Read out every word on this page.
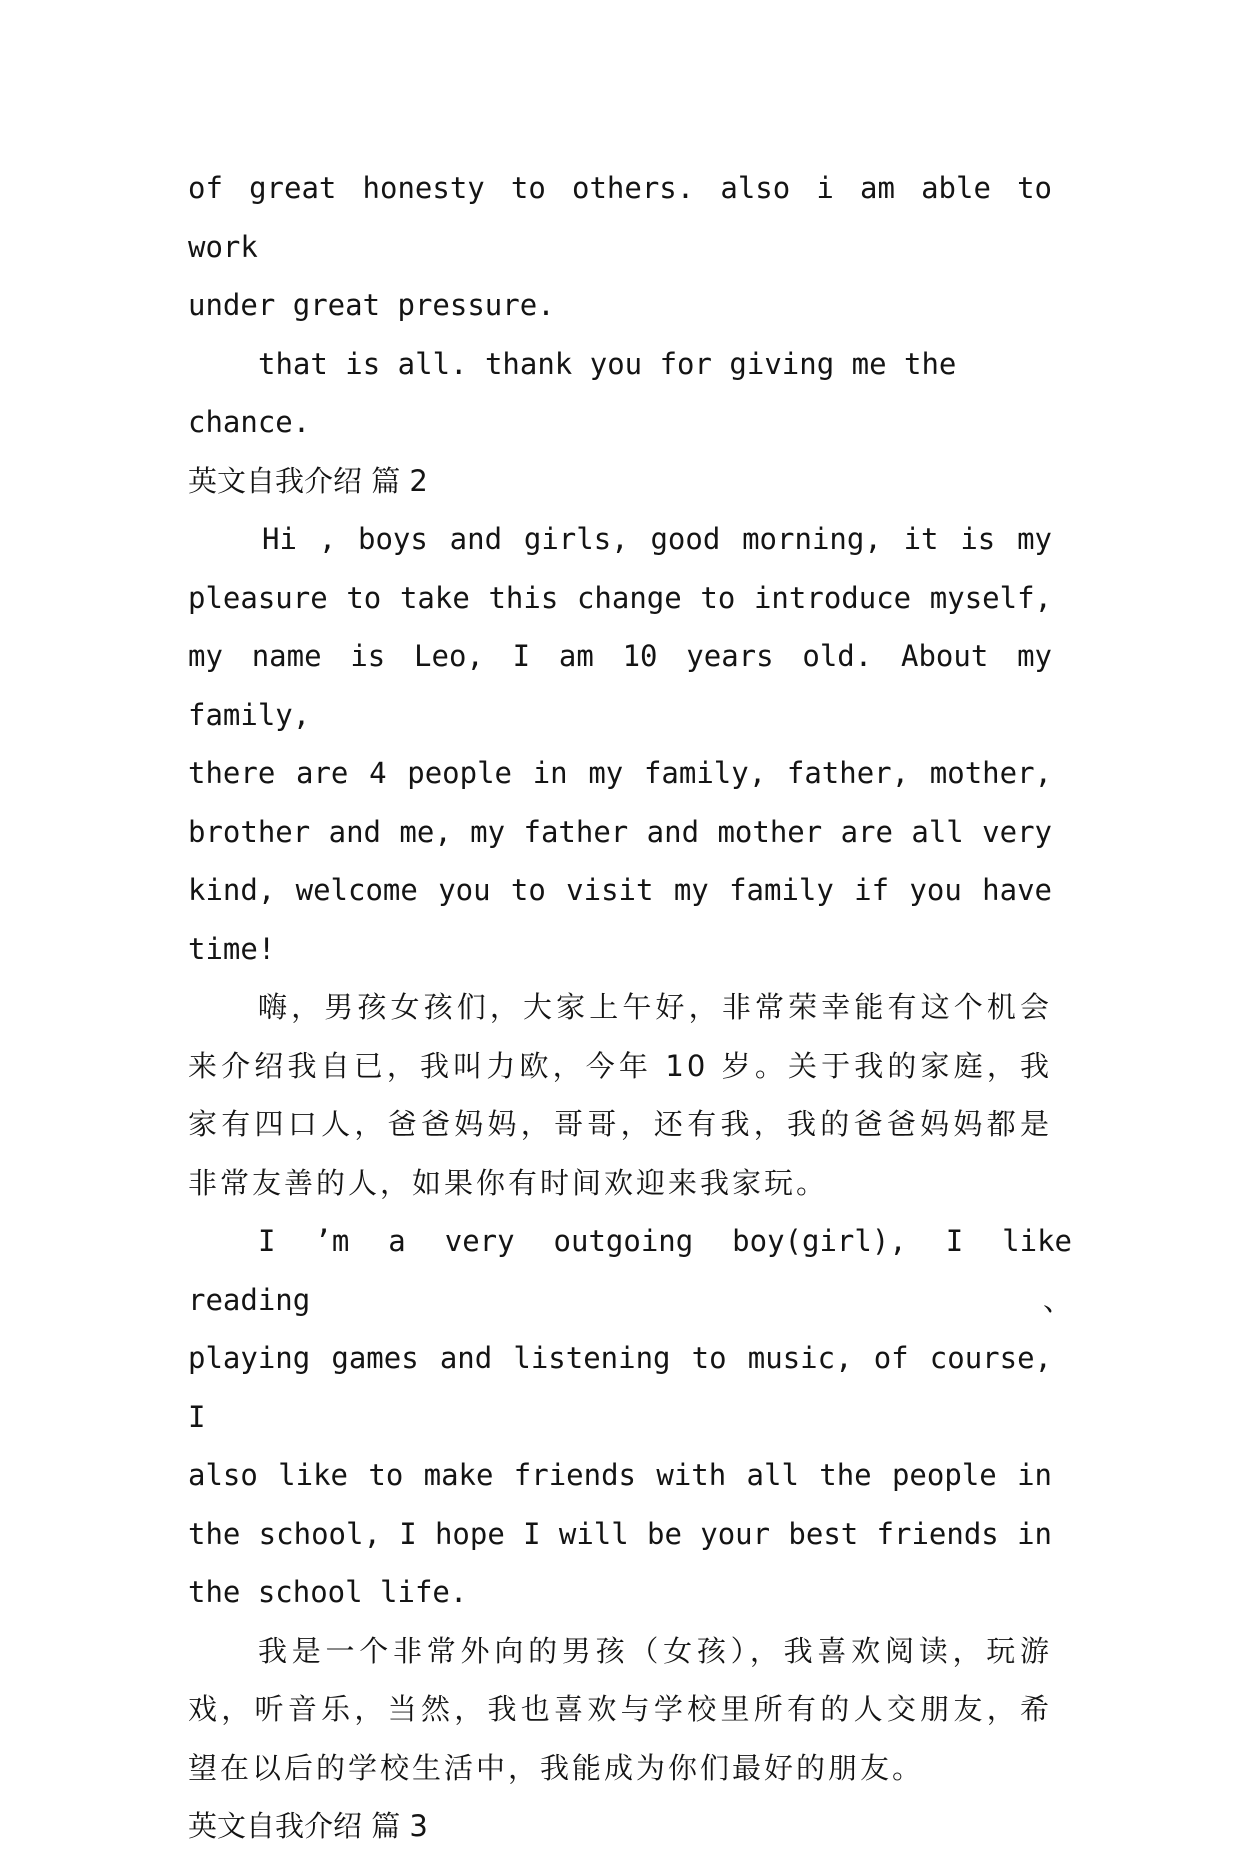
of great honesty to others. also i am able to work

under great pressure.

that is all. thank you for giving me the chance.

英文自我介绍 篇 2

Hi , boys and girls, good morning, it is my

pleasure to take this change to introduce myself,

my name is Leo, I am 10 years old. About my family,

there are 4 people in my family, father, mother,

brother and me, my father and mother are all very

kind, welcome you to visit my family if you have

time!

嗨，男孩女孩们，大家上午好，非常荣幸能有这个机会

来介绍我自已，我叫力欧，今年 10 岁。关于我的家庭，我

家有四口人，爸爸妈妈，哥哥，还有我，我的爸爸妈妈都是

非常友善的人，如果你有时间欢迎来我家玩。

I ’m a very outgoing boy(girl), I like reading、

playing games and listening to music, of course, I

also like to make friends with all the people in

the school, I hope I will be your best friends in

the school life.

我是一个非常外向的男孩（女孩），我喜欢阅读，玩游

戏，听音乐，当然，我也喜欢与学校里所有的人交朋友，希

望在以后的学校生活中，我能成为你们最好的朋友。

英文自我介绍 篇 3
